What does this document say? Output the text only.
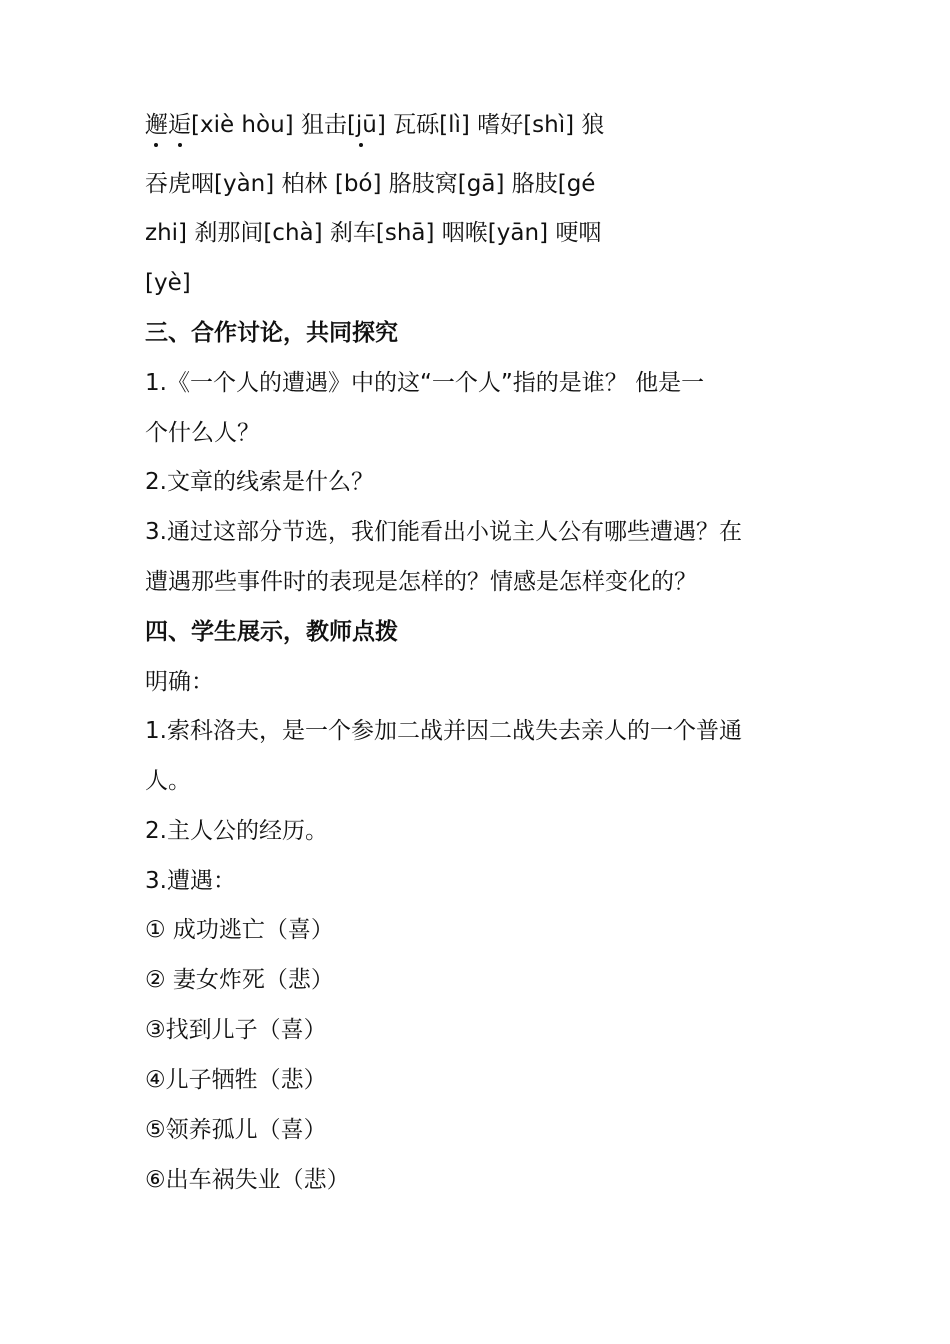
邂逅[xiè hòu] 狙击[jū] 瓦砾[lì] 嗜好[shì] 狼
吞虎咽[yàn] 柏林 [bó] 胳肢窝[gā] 胳肢[gé
zhi] 刹那间[chà] 刹车[shā] 咽喉[yān] 哽咽
[yè]
三、合作讨论，共同探究
1.《一个人的遭遇》中的这“一个人”指的是谁？ 他是一
个什么人？
2.文章的线索是什么？
3.通过这部分节选，我们能看出小说主人公有哪些遭遇？在
遭遇那些事件时的表现是怎样的？情感是怎样变化的？
四、学生展示，教师点拨
明确：
1.索科洛夫，是一个参加二战并因二战失去亲人的一个普通
人。
2.主人公的经历。
3.遭遇：
① 成功逃亡（喜）
② 妻女炸死（悲）
③找到儿子（喜）
④儿子牺牲（悲）
⑤领养孤儿（喜）
⑥出车祸失业（悲）
